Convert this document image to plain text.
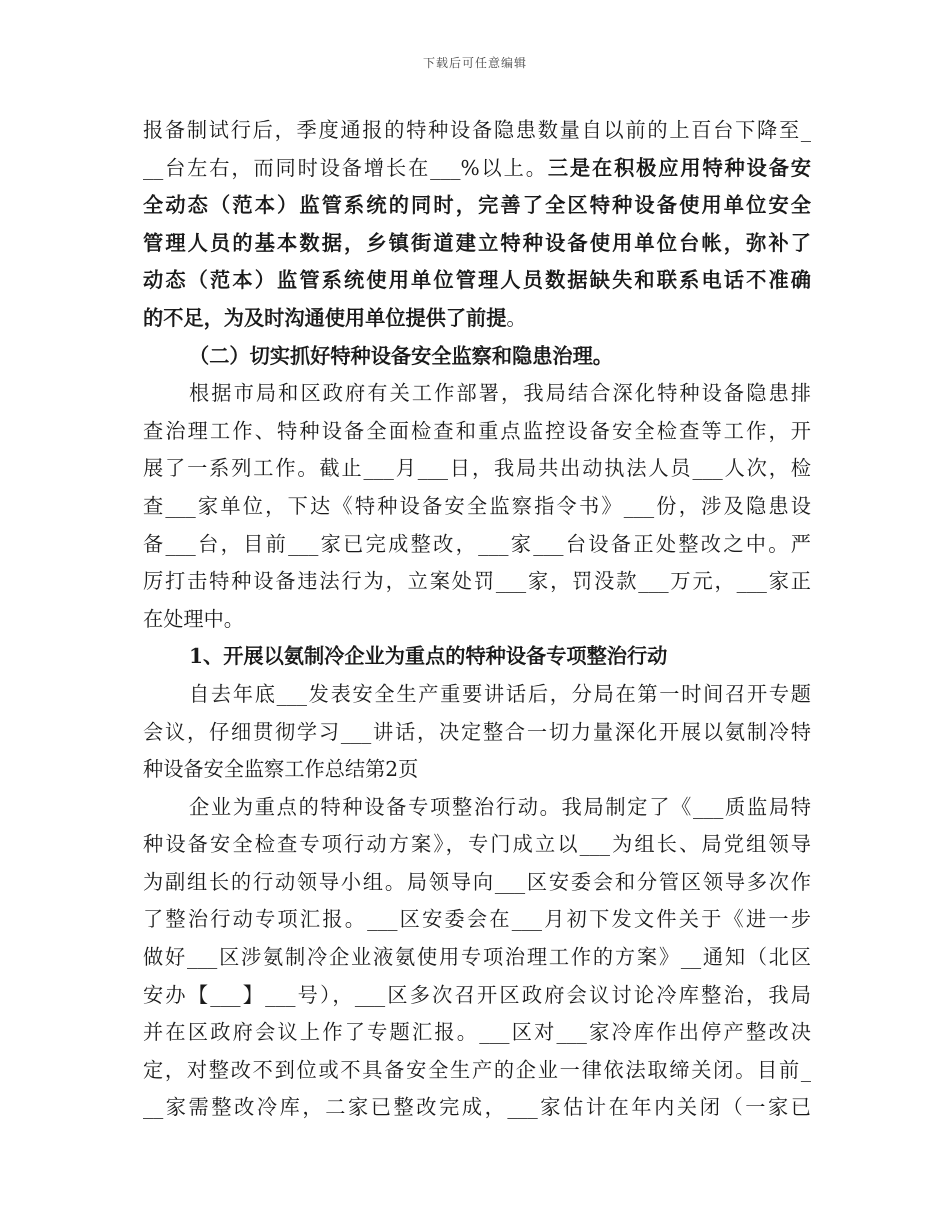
下载后可任意编辑
报备制试行后，季度通报的特种设备隐患数量自以前的上百台下降至_
__台左右，而同时设备增长在___%以上。三是在积极应用特种设备安
全动态（范本）监管系统的同时，完善了全区特种设备使用单位安全
管理人员的基本数据，乡镇街道建立特种设备使用单位台帐，弥补了
动态（范本）监管系统使用单位管理人员数据缺失和联系电话不准确
的不足，为及时沟通使用单位提供了前提。
（二）切实抓好特种设备安全监察和隐患治理。
根据市局和区政府有关工作部署，我局结合深化特种设备隐患排
查治理工作、特种设备全面检查和重点监控设备安全检查等工作，开
展了一系列工作。截止___月___日，我局共出动执法人员___人次，检
查___家单位，下达《特种设备安全监察指令书》___份，涉及隐患设
备___台，目前___家已完成整改，___家___台设备正处整改之中。严
厉打击特种设备违法行为，立案处罚___家，罚没款___万元，___家正
在处理中。
1、开展以氨制冷企业为重点的特种设备专项整治行动
自去年底___发表安全生产重要讲话后，分局在第一时间召开专题
会议，仔细贯彻学习___讲话，决定整合一切力量深化开展以氨制冷特
种设备安全监察工作总结第2页
企业为重点的特种设备专项整治行动。我局制定了《___质监局特
种设备安全检查专项行动方案》，专门成立以___为组长、局党组领导
为副组长的行动领导小组。局领导向___区安委会和分管区领导多次作
了整治行动专项汇报。___区安委会在___月初下发文件关于《进一步
做好___区涉氨制冷企业液氨使用专项治理工作的方案》__通知（北区
安办【___】___号），___区多次召开区政府会议讨论冷库整治，我局
并在区政府会议上作了专题汇报。___区对___家冷库作出停产整改决
定，对整改不到位或不具备安全生产的企业一律依法取缔关闭。目前_
__家需整改冷库，二家已整改完成，___家估计在年内关闭（一家已
